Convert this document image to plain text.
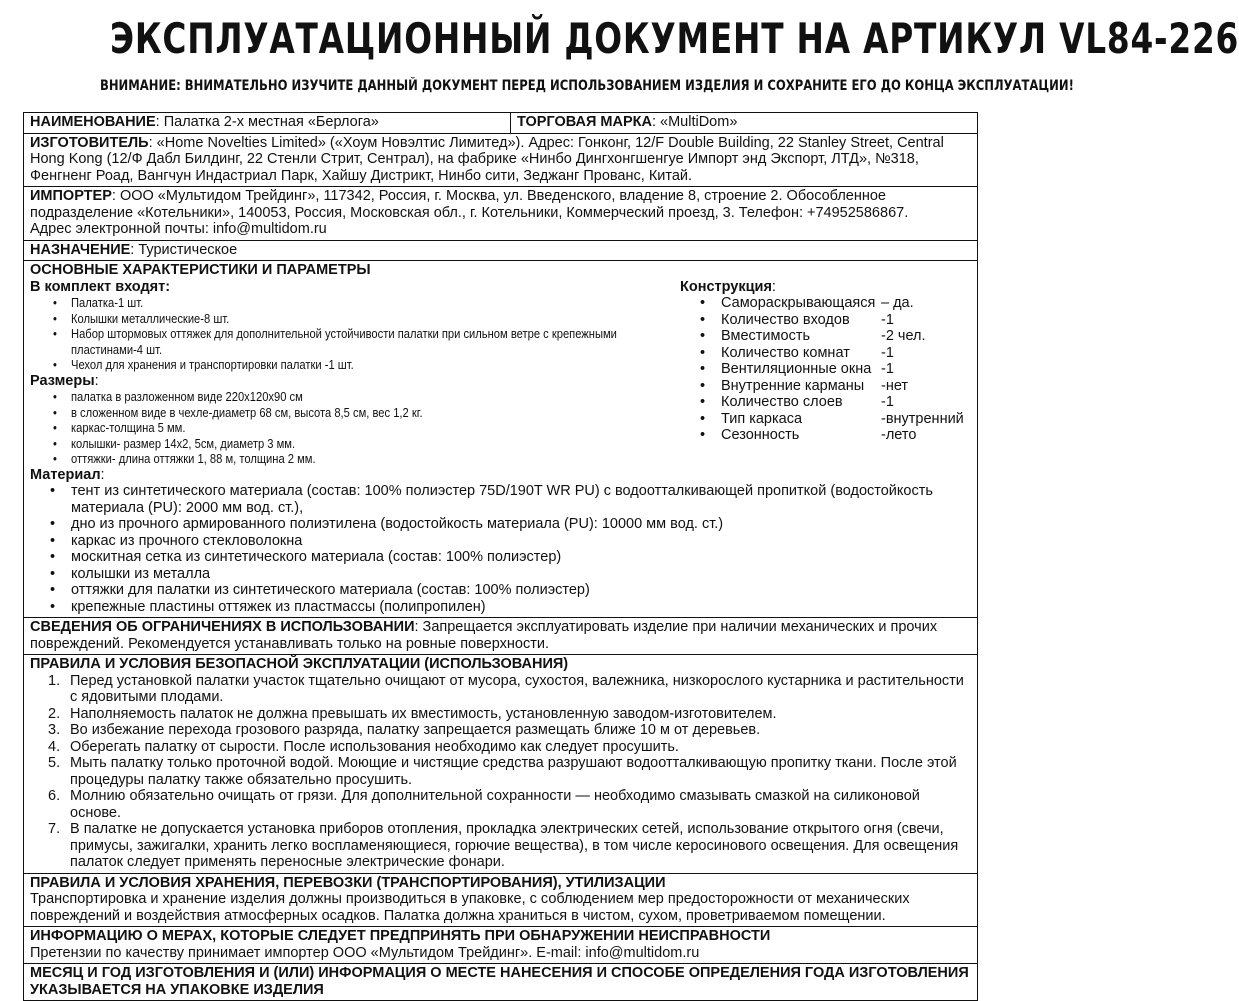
ЭКСПЛУАТАЦИОННЫЙ ДОКУМЕНТ НА АРТИКУЛ VL84-226
ВНИМАНИЕ: ВНИМАТЕЛЬНО ИЗУЧИТЕ ДАННЫЙ ДОКУМЕНТ ПЕРЕД ИСПОЛЬЗОВАНИЕМ ИЗДЕЛИЯ И СОХРАНИТЕ ЕГО ДО КОНЦА ЭКСПЛУАТАЦИИ!
НАИМЕНОВАНИЕ: Палатка 2-х местная «Берлога»	ТОРГОВАЯ МАРКА: «MultiDom»
ИЗГОТОВИТЕЛЬ: «Home Novelties Limited» («Хоум Новэлтис Лимитед»). Адрес: Гонконг, 12/F Double Building, 22 Stanley Street, Central Hong Kong (12/Ф Дабл Билдинг, 22 Стенли Стрит, Сентрал), на фабрике «Нинбо Дингхонгшенгуе Импорт энд Экспорт, ЛТД», №318, Фенгненг Роад, Вангчун Индастриал Парк, Хайшу Дистрикт, Нинбо сити, Зеджанг Прованс, Китай.
ИМПОРТЕР: ООО «Мультидом Трейдинг», 117342, Россия, г. Москва, ул. Введенского, владение 8, строение 2. Обособленное подразделение «Котельники», 140053, Россия, Московская обл., г. Котельники, Коммерческий проезд, 3. Телефон: +74952586867.
Адрес электронной почты: info@multidom.ru
НАЗНАЧЕНИЕ: Туристическое
ОСНОВНЫЕ ХАРАКТЕРИСТИКИ И ПАРАМЕТРЫ
В комплект входят:
• Палатка-1 шт.
• Колышки металлические-8 шт.
• Набор штормовых оттяжек для дополнительной устойчивости палатки при сильном ветре с крепежными пластинами-4 шт.
• Чехол для хранения и транспортировки палатки -1 шт.
Размеры:
• палатка в разложенном виде 220х120х90 см
• в сложенном виде в чехле-диаметр 68 см, высота 8,5 см, вес 1,2 кг.
• каркас-толщина 5 мм.
• колышки- размер 14х2, 5см, диаметр 3 мм.
• оттяжки- длина оттяжки 1, 88 м, толщина 2 мм.
Конструкция:
• Самораскрывающаяся – да.
• Количество входов -1
• Вместимость	-2 чел.
• Количество комнат -1
• Вентиляционные окна -1
• Внутренние карманы -нет
• Количество слоев	-1
• Тип каркаса	-внутренний
• Сезонность	-лето
Материал:
• тент из синтетического материала (состав: 100% полиэстер 75D/190T WR PU) с водоотталкивающей пропиткой (водостойкость материала (PU): 2000 мм вод. ст.),
• дно из прочного армированного полиэтилена (водостойкость материала (PU): 10000 мм вод. ст.)
• каркас из прочного стекловолокна
• москитная сетка из синтетического материала (состав: 100% полиэстер)
• колышки из металла
• оттяжки для палатки из синтетического материала (состав: 100% полиэстер)
• крепежные пластины оттяжек из пластмассы (полипропилен)
СВЕДЕНИЯ ОБ ОГРАНИЧЕНИЯХ В ИСПОЛЬЗОВАНИИ: Запрещается эксплуатировать изделие при наличии механических и прочих повреждений. Рекомендуется устанавливать только на ровные поверхности.
ПРАВИЛА И УСЛОВИЯ БЕЗОПАСНОЙ ЭКСПЛУАТАЦИИ (ИСПОЛЬЗОВАНИЯ)
1. Перед установкой палатки участок тщательно очищают от мусора, сухостоя, валежника, низкорослого кустарника и растительности с ядовитыми плодами.
2. Наполняемость палаток не должна превышать их вместимость, установленную заводом-изготовителем.
3. Во избежание перехода грозового разряда, палатку запрещается размещать ближе 10 м от деревьев.
4. Оберегать палатку от сырости. После использования необходимо как следует просушить.
5. Мыть палатку только проточной водой. Моющие и чистящие средства разрушают водоотталкивающую пропитку ткани. После этой процедуры палатку также обязательно просушить.
6. Молнию обязательно очищать от грязи. Для дополнительной сохранности — необходимо смазывать смазкой на силиконовой основе.
7. В палатке не допускается установка приборов отопления, прокладка электрических сетей, использование открытого огня (свечи, примусы, зажигалки, хранить легко воспламеняющиеся, горючие вещества), в том числе керосинового освещения. Для освещения палаток следует применять переносные электрические фонари.
ПРАВИЛА И УСЛОВИЯ ХРАНЕНИЯ, ПЕРЕВОЗКИ (ТРАНСПОРТИРОВАНИЯ), УТИЛИЗАЦИИ
Транспортировка и хранение изделия должны производиться в упаковке, с соблюдением мер предосторожности от механических повреждений и воздействия атмосферных осадков. Палатка должна храниться в чистом, сухом, проветриваемом помещении.
ИНФОРМАЦИЮ О МЕРАХ, КОТОРЫЕ СЛЕДУЕТ ПРЕДПРИНЯТЬ ПРИ ОБНАРУЖЕНИИ НЕИСПРАВНОСТИ
Претензии по качеству принимает импортер ООО «Мультидом Трейдинг». E-mail: info@multidom.ru
МЕСЯЦ И ГОД ИЗГОТОВЛЕНИЯ И (ИЛИ) ИНФОРМАЦИЯ О МЕСТЕ НАНЕСЕНИЯ И СПОСОБЕ ОПРЕДЕЛЕНИЯ ГОДА ИЗГОТОВЛЕНИЯ УКАЗЫВАЕТСЯ НА УПАКОВКЕ ИЗДЕЛИЯ
